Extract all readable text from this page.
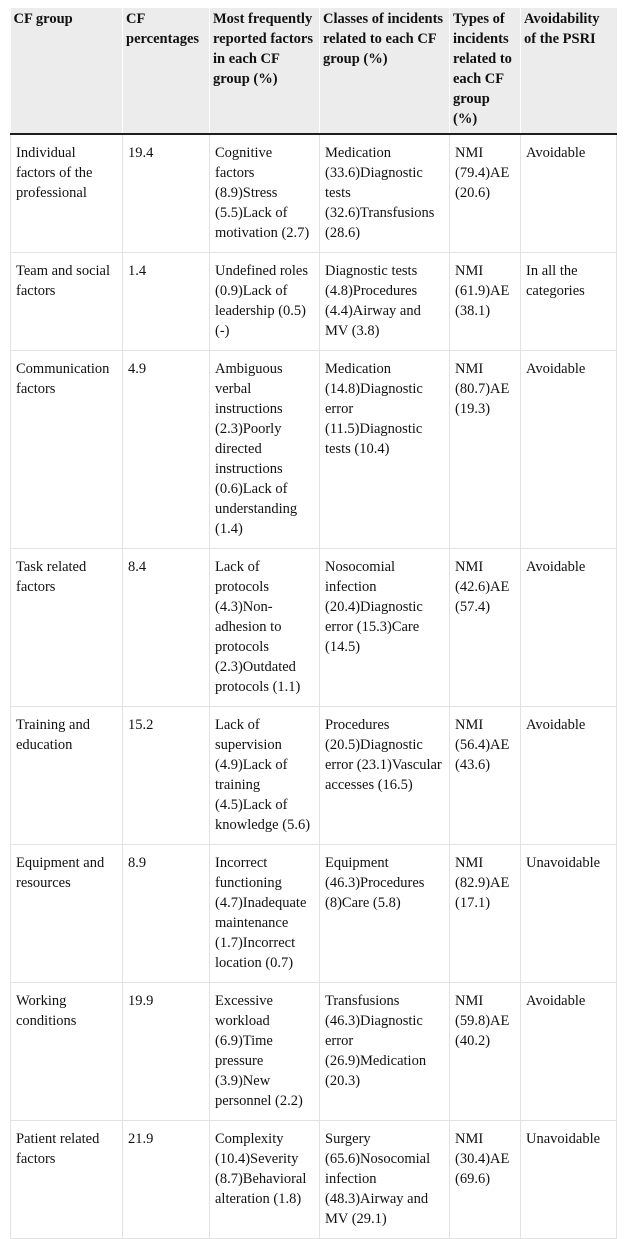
CF group	CF percentages	Most frequently reported factors in each CF group (%)	Classes of incidents related to each CF group (%)	Types of incidents related to each CF group (%)	Avoidability of the PSRI
Individual factors of the professional	19.4	Cognitive factors (8.9)Stress (5.5)Lack of motivation (2.7)	Medication (33.6)Diagnostic tests (32.6)Transfusions (28.6)	NMI (79.4)AE (20.6)	Avoidable
Team and social factors	1.4	Undefined roles (0.9)Lack of leadership (0.5)(-)	Diagnostic tests (4.8)Procedures (4.4)Airway and MV (3.8)	NMI (61.9)AE (38.1)	In all the categories
Communication factors	4.9	Ambiguous verbal instructions (2.3)Poorly directed instructions (0.6)Lack of understanding (1.4)	Medication (14.8)Diagnostic error (11.5)Diagnostic tests (10.4)	NMI (80.7)AE (19.3)	Avoidable
Task related factors	8.4	Lack of protocols (4.3)Non-adhesion to protocols (2.3)Outdated protocols (1.1)	Nosocomial infection (20.4)Diagnostic error (15.3)Care (14.5)	NMI (42.6)AE (57.4)	Avoidable
Training and education	15.2	Lack of supervision (4.9)Lack of training (4.5)Lack of knowledge (5.6)	Procedures (20.5)Diagnostic error (23.1)Vascular accesses (16.5)	NMI (56.4)AE (43.6)	Avoidable
Equipment and resources	8.9	Incorrect functioning (4.7)Inadequate maintenance (1.7)Incorrect location (0.7)	Equipment (46.3)Procedures (8)Care (5.8)	NMI (82.9)AE (17.1)	Unavoidable
Working conditions	19.9	Excessive workload (6.9)Time pressure (3.9)New personnel (2.2)	Transfusions (46.3)Diagnostic error (26.9)Medication (20.3)	NMI (59.8)AE (40.2)	Avoidable
Patient related factors	21.9	Complexity (10.4)Severity (8.7)Behavioral alteration (1.8)	Surgery (65.6)Nosocomial infection (48.3)Airway and MV (29.1)	NMI (30.4)AE (69.6)	Unavoidable
